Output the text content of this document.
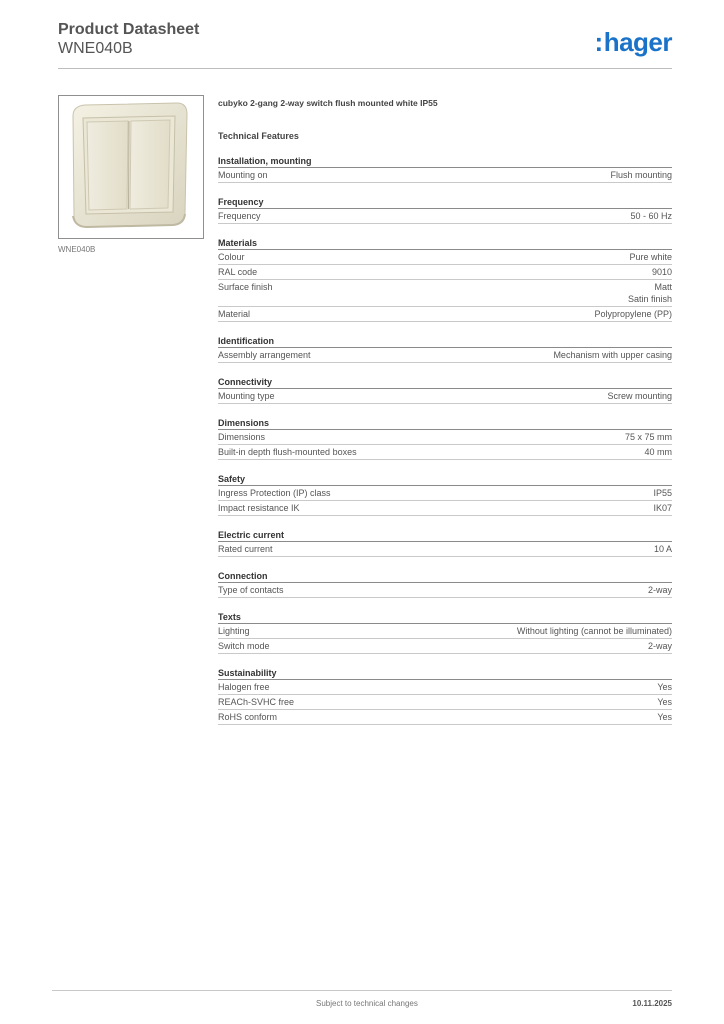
Product Datasheet
WNE040B	:hager
WNE040B
cubyko 2-gang 2-way switch flush mounted white IP55
Technical Features
Installation, mounting
Mounting on	Flush mounting
Frequency
Frequency	50 - 60 Hz
Materials
Colour	Pure white
RAL code	9010
Surface finish	Matt
Satin finish
Material	Polypropylene (PP)
Identification
Assembly arrangement	Mechanism with upper casing
Connectivity
Mounting type	Screw mounting
Dimensions
Dimensions	75 x 75 mm
Built-in depth flush-mounted boxes	40 mm
Safety
Ingress Protection (IP) class	IP55
Impact resistance IK	IK07
Electric current
Rated current	10 A
Connection
Type of contacts	2-way
Texts
Lighting	Without lighting (cannot be illuminated)
Switch mode	2-way
Sustainability
Halogen free	Yes
REACh-SVHC free	Yes
RoHS conform	Yes
Subject to technical changes	10.11.2025
